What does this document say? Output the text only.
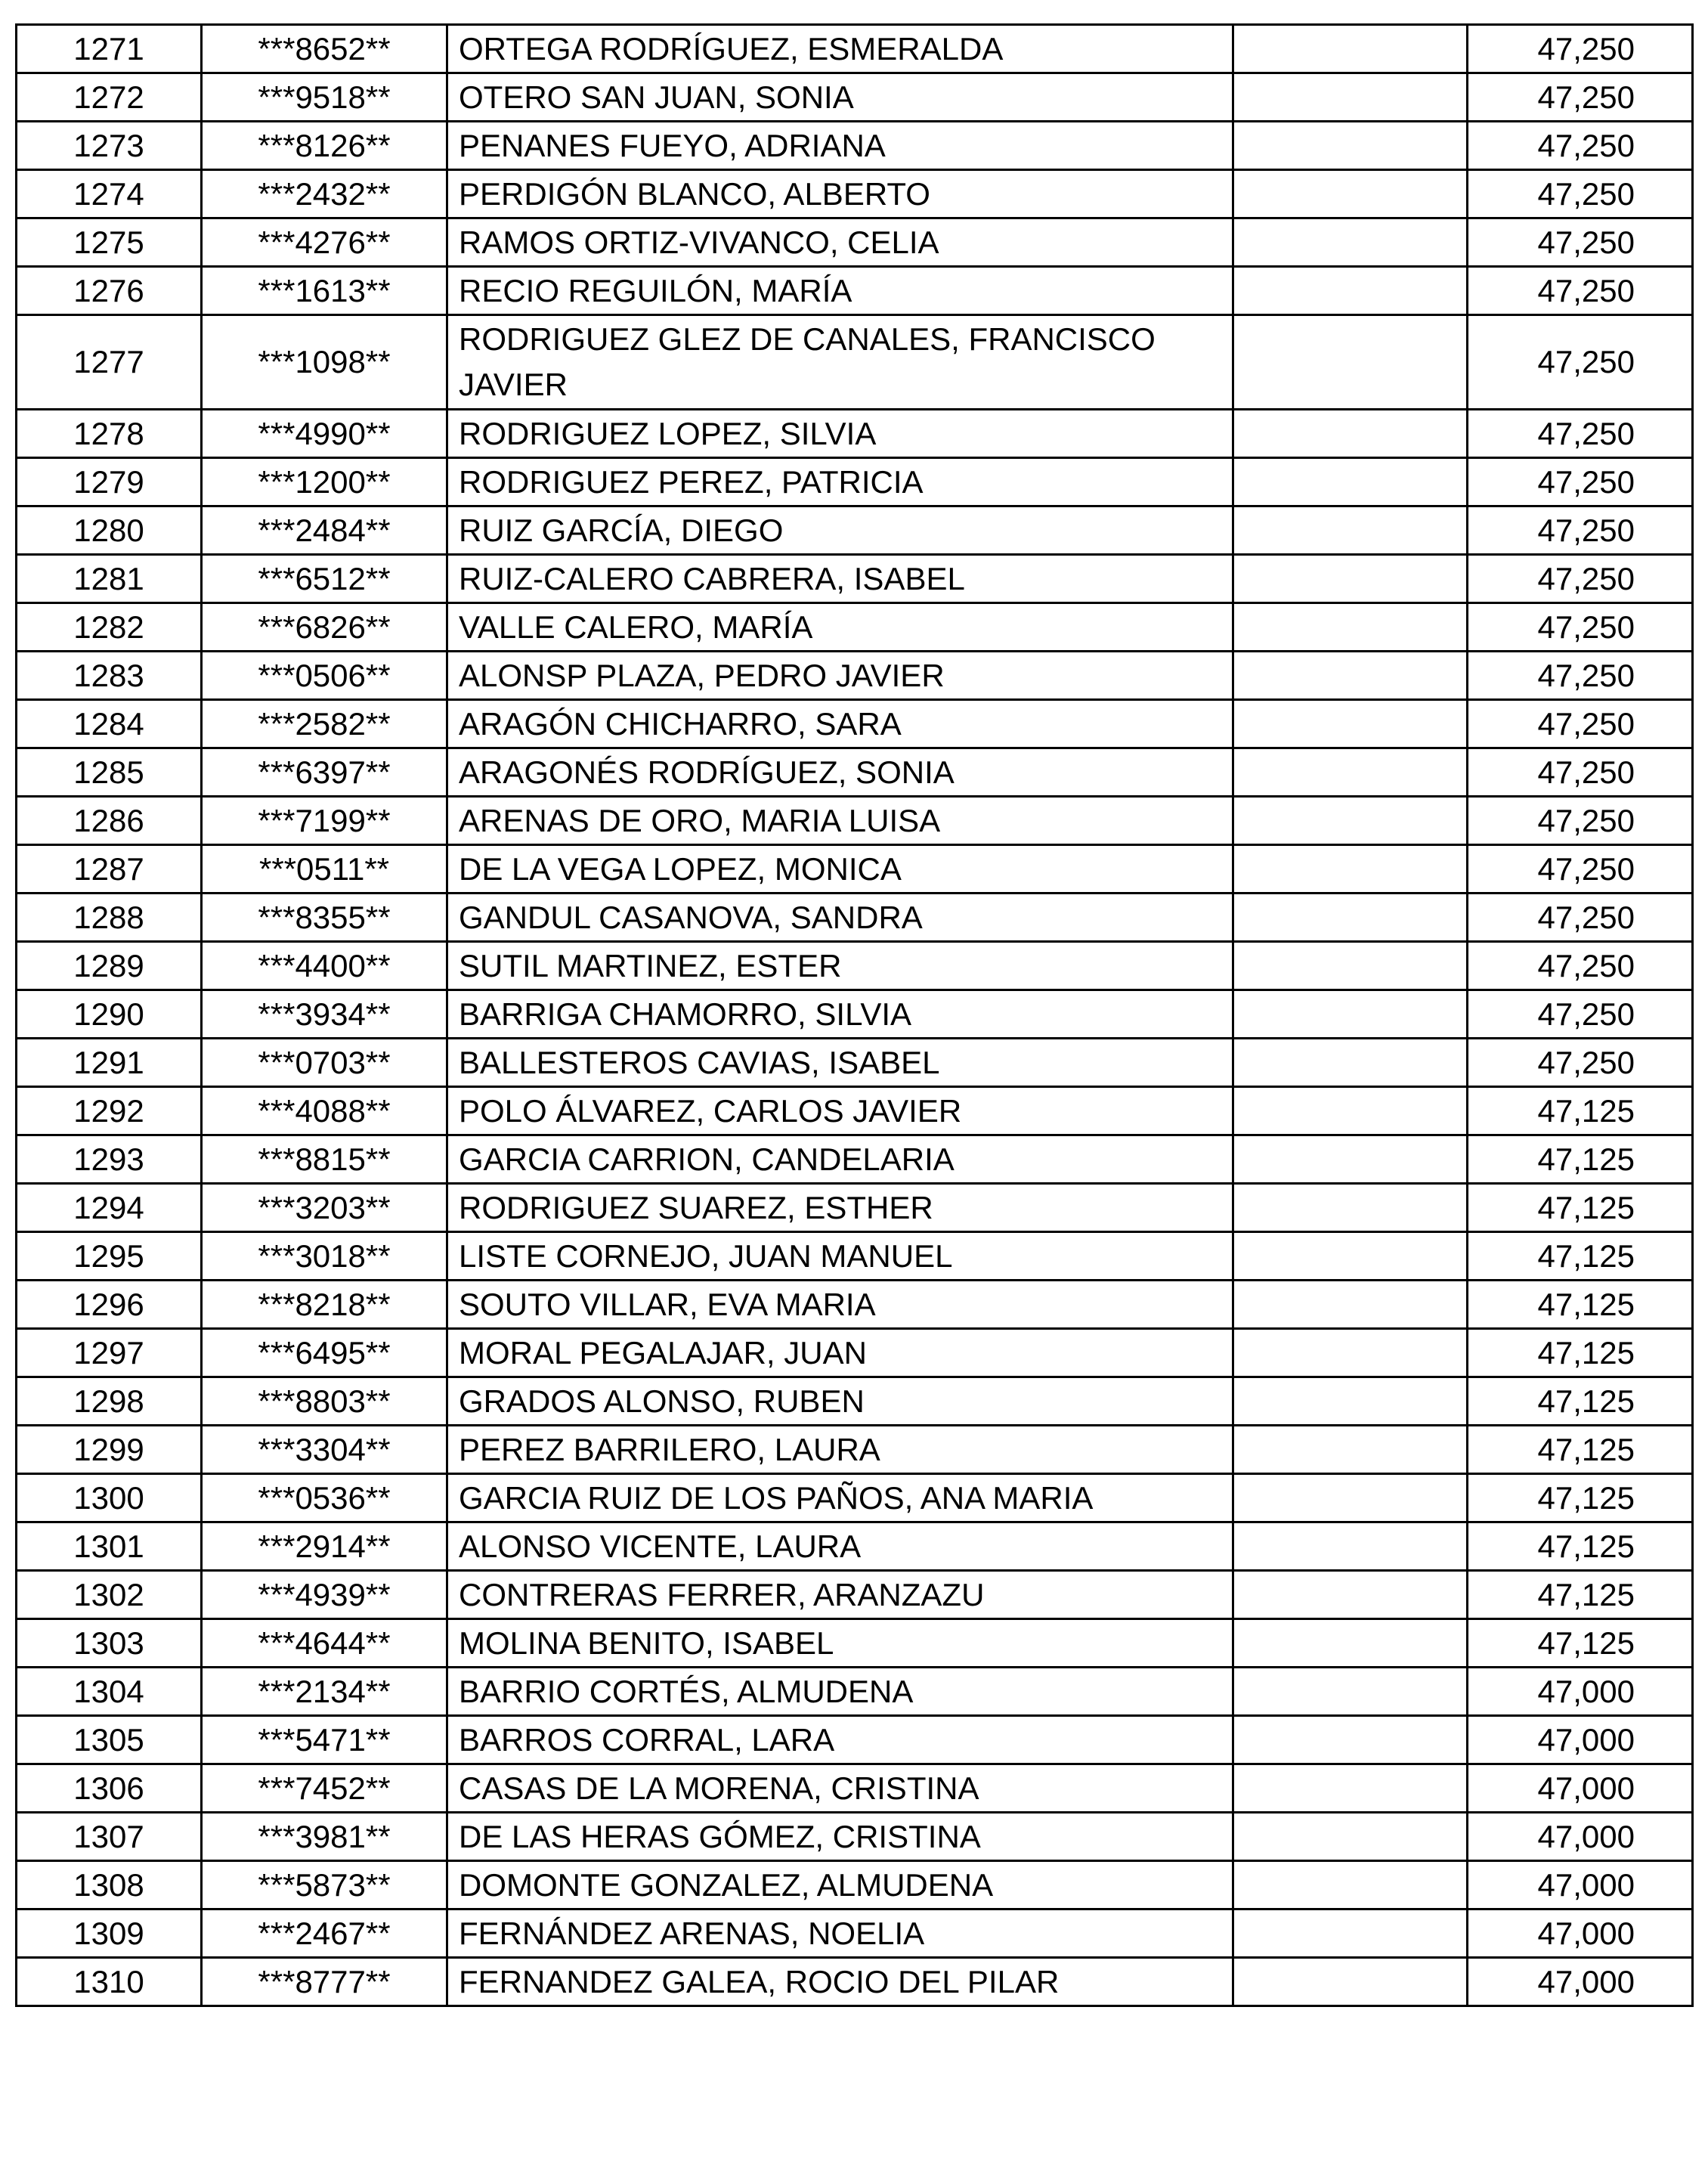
1271	***8652**	ORTEGA RODRÍGUEZ, ESMERALDA		47,250
1272	***9518**	OTERO SAN JUAN, SONIA		47,250
1273	***8126**	PENANES FUEYO, ADRIANA		47,250
1274	***2432**	PERDIGÓN BLANCO, ALBERTO		47,250
1275	***4276**	RAMOS ORTIZ-VIVANCO, CELIA		47,250
1276	***1613**	RECIO REGUILÓN, MARÍA		47,250
1277	***1098**	RODRIGUEZ GLEZ DE CANALES, FRANCISCO JAVIER		47,250
1278	***4990**	RODRIGUEZ LOPEZ, SILVIA		47,250
1279	***1200**	RODRIGUEZ PEREZ, PATRICIA		47,250
1280	***2484**	RUIZ GARCÍA, DIEGO		47,250
1281	***6512**	RUIZ-CALERO CABRERA, ISABEL		47,250
1282	***6826**	VALLE CALERO, MARÍA		47,250
1283	***0506**	ALONSP PLAZA, PEDRO JAVIER		47,250
1284	***2582**	ARAGÓN CHICHARRO, SARA		47,250
1285	***6397**	ARAGONÉS RODRÍGUEZ, SONIA		47,250
1286	***7199**	ARENAS DE ORO, MARIA LUISA		47,250
1287	***0511**	DE LA VEGA LOPEZ, MONICA		47,250
1288	***8355**	GANDUL CASANOVA, SANDRA		47,250
1289	***4400**	SUTIL MARTINEZ, ESTER		47,250
1290	***3934**	BARRIGA CHAMORRO, SILVIA		47,250
1291	***0703**	BALLESTEROS CAVIAS, ISABEL		47,250
1292	***4088**	POLO ÁLVAREZ, CARLOS JAVIER		47,125
1293	***8815**	GARCIA CARRION, CANDELARIA		47,125
1294	***3203**	RODRIGUEZ SUAREZ, ESTHER		47,125
1295	***3018**	LISTE CORNEJO, JUAN MANUEL		47,125
1296	***8218**	SOUTO VILLAR, EVA MARIA		47,125
1297	***6495**	MORAL PEGALAJAR, JUAN		47,125
1298	***8803**	GRADOS ALONSO, RUBEN		47,125
1299	***3304**	PEREZ BARRILERO, LAURA		47,125
1300	***0536**	GARCIA RUIZ DE LOS PAÑOS, ANA MARIA		47,125
1301	***2914**	ALONSO VICENTE, LAURA		47,125
1302	***4939**	CONTRERAS FERRER, ARANZAZU		47,125
1303	***4644**	MOLINA BENITO, ISABEL		47,125
1304	***2134**	BARRIO CORTÉS, ALMUDENA		47,000
1305	***5471**	BARROS CORRAL, LARA		47,000
1306	***7452**	CASAS DE LA MORENA, CRISTINA		47,000
1307	***3981**	DE LAS HERAS GÓMEZ, CRISTINA		47,000
1308	***5873**	DOMONTE GONZALEZ, ALMUDENA		47,000
1309	***2467**	FERNÁNDEZ ARENAS, NOELIA		47,000
1310	***8777**	FERNANDEZ GALEA, ROCIO DEL PILAR		47,000
